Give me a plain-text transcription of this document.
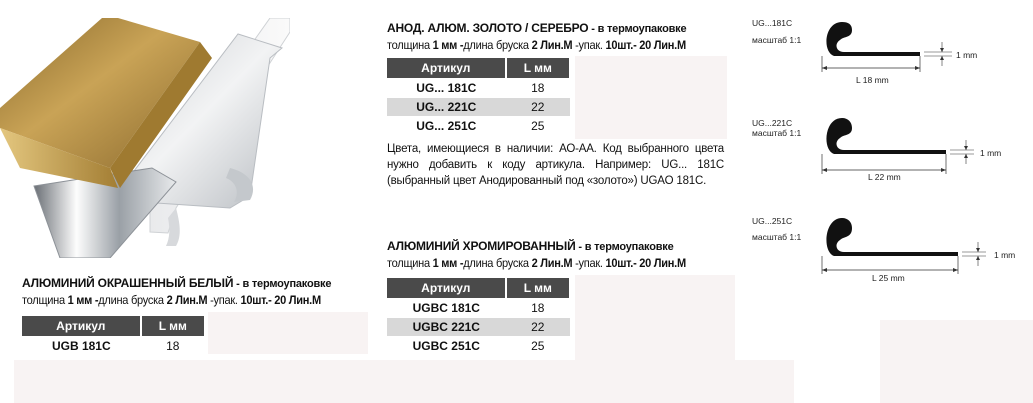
АНОД. АЛЮМ. ЗОЛОТО / СЕРЕБРО - в термоупаковке
толщина 1 мм -длина бруска 2 Лин.М -упак. 10шт.- 20 Лин.М
Артикул	L мм
UG... 181C	18
UG... 221C	22
UG... 251C	25
Цвета, имеющиеся в наличии: АО-АА. Код выбранного цвета нужно добавить к коду артикула. Например: UG... 181C (выбранный цвет Анодированный под «золото») UGAO 181C.
АЛЮМИНИЙ ХРОМИРОВАННЫЙ - в термоупаковке
толщина 1 мм -длина бруска 2 Лин.М -упак. 10шт.- 20 Лин.М
Артикул	L мм
UGBC 181C	18
UGBC 221C	22
UGBC 251C	25
АЛЮМИНИЙ ОКРАШЕННЫЙ БЕЛЫЙ - в термоупаковке
толщина 1 мм -длина бруска 2 Лин.М -упак. 10шт.- 20 Лин.М
Артикул	L мм
UGB 181C	18
UG...181C
масштаб 1:1
L 18 mm
1 mm
UG...221C
масштаб 1:1
L 22 mm
1 mm
UG...251C
масштаб 1:1
L 25 mm
1 mm
